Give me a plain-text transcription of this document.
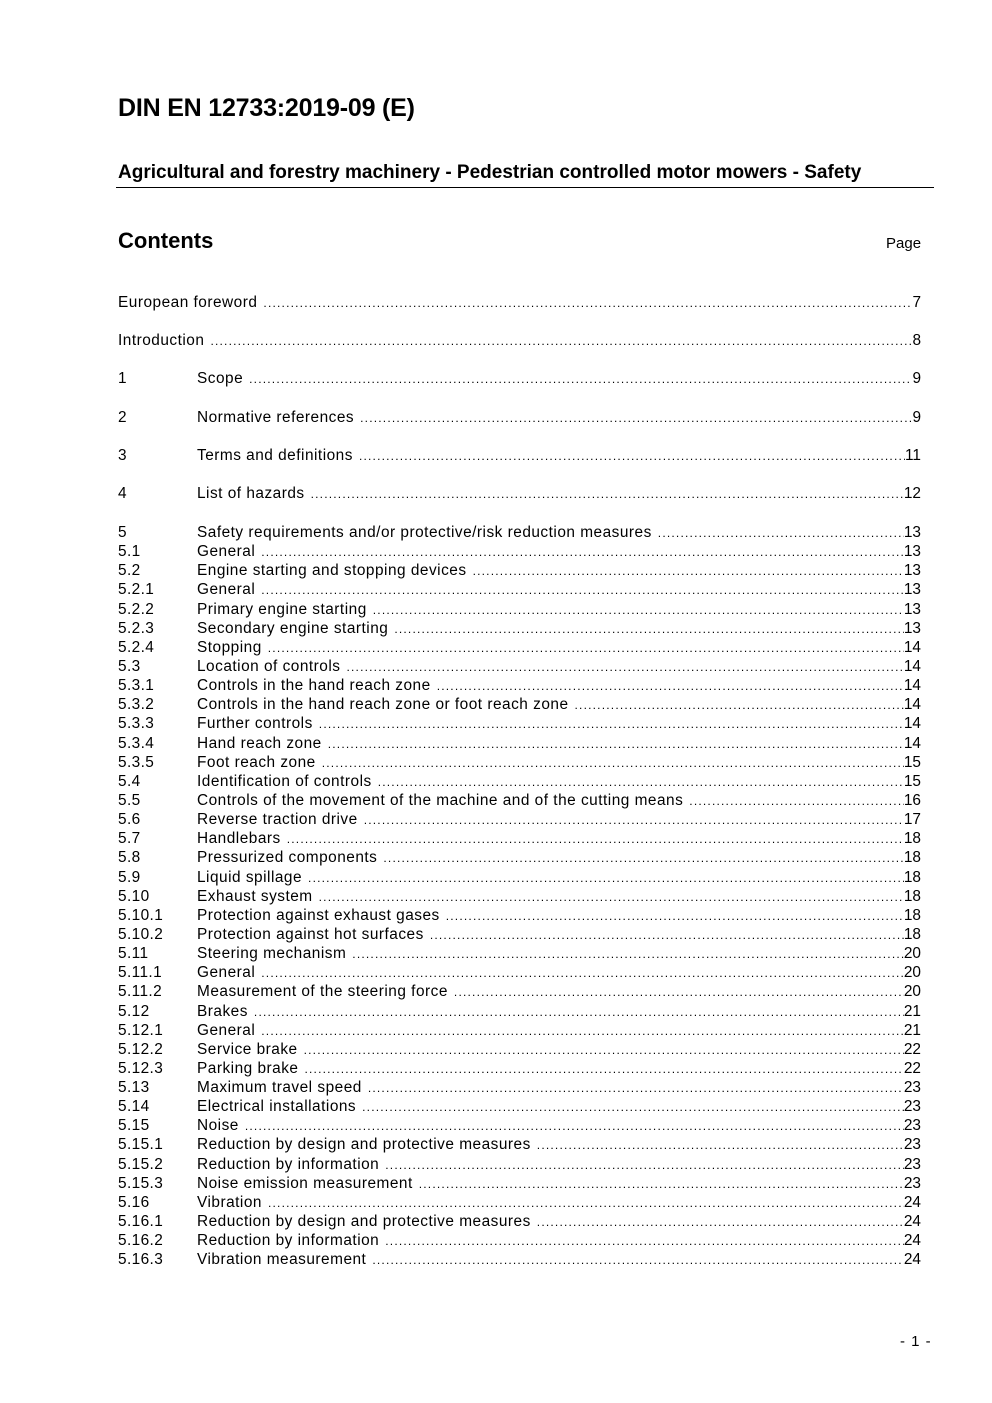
DIN EN 12733:2019-09 (E)
Agricultural and forestry machinery - Pedestrian controlled motor mowers - Safety
Contents	Page
European foreword .....	7
Introduction .....	8
1	Scope .....	9
2	Normative references .....	9
3	Terms and definitions .....	11
4	List of hazards .....	12
5	Safety requirements and/or protective/risk reduction measures .....	13
5.1	General .....	13
5.2	Engine starting and stopping devices .....	13
5.2.1	General .....	13
5.2.2	Primary engine starting .....	13
5.2.3	Secondary engine starting .....	13
5.2.4	Stopping .....	14
5.3	Location of controls .....	14
5.3.1	Controls in the hand reach zone .....	14
5.3.2	Controls in the hand reach zone or foot reach zone .....	14
5.3.3	Further controls .....	14
5.3.4	Hand reach zone .....	14
5.3.5	Foot reach zone .....	15
5.4	Identification of controls .....	15
5.5	Controls of the movement of the machine and of the cutting means .....	16
5.6	Reverse traction drive .....	17
5.7	Handlebars .....	18
5.8	Pressurized components .....	18
5.9	Liquid spillage .....	18
5.10	Exhaust system .....	18
5.10.1	Protection against exhaust gases .....	18
5.10.2	Protection against hot surfaces .....	18
5.11	Steering mechanism .....	20
5.11.1	General .....	20
5.11.2	Measurement of the steering force .....	20
5.12	Brakes .....	21
5.12.1	General .....	21
5.12.2	Service brake .....	22
5.12.3	Parking brake .....	22
5.13	Maximum travel speed .....	23
5.14	Electrical installations .....	23
5.15	Noise .....	23
5.15.1	Reduction by design and protective measures .....	23
5.15.2	Reduction by information .....	23
5.15.3	Noise emission measurement .....	23
5.16	Vibration .....	24
5.16.1	Reduction by design and protective measures .....	24
5.16.2	Reduction by information .....	24
5.16.3	Vibration measurement .....	24
- 1 -
